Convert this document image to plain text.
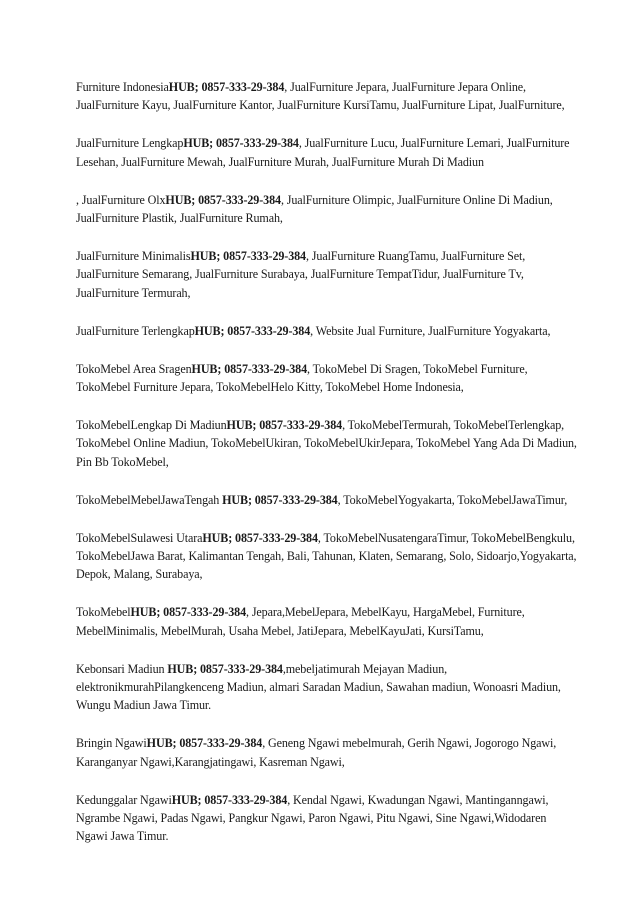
Furniture IndonesiaHUB; 0857-333-29-384, JualFurniture Jepara, JualFurniture Jepara Online, JualFurniture Kayu, JualFurniture Kantor, JualFurniture KursiTamu, JualFurniture Lipat, JualFurniture,

JualFurniture LengkapHUB; 0857-333-29-384, JualFurniture Lucu, JualFurniture Lemari, JualFurniture Lesehan, JualFurniture Mewah, JualFurniture Murah, JualFurniture Murah Di Madiun

, JualFurniture OlxHUB; 0857-333-29-384, JualFurniture Olimpic, JualFurniture Online Di Madiun, JualFurniture Plastik, JualFurniture Rumah,

JualFurniture MinimalisHUB; 0857-333-29-384, JualFurniture RuangTamu, JualFurniture Set, JualFurniture Semarang, JualFurniture Surabaya, JualFurniture TempatTidur, JualFurniture Tv, JualFurniture Termurah,

JualFurniture TerlengkapHUB; 0857-333-29-384, Website Jual Furniture, JualFurniture Yogyakarta,

TokoMebel Area SragenHUB; 0857-333-29-384, TokoMebel Di Sragen, TokoMebel Furniture, TokoMebel Furniture Jepara, TokoMebelHelo Kitty, TokoMebel Home Indonesia,

TokoMebelLengkap Di MadiunHUB; 0857-333-29-384, TokoMebelTermurah, TokoMebelTerlengkap, TokoMebel Online Madiun, TokoMebelUkiran, TokoMebelUkirJepara, TokoMebel Yang Ada Di Madiun, Pin Bb TokoMebel,

TokoMebelMebelJawaTengah HUB; 0857-333-29-384, TokoMebelYogyakarta, TokoMebelJawaTimur,

TokoMebelSulawesi UtaraHUB; 0857-333-29-384, TokoMebelNusatengaraTimur, TokoMebelBengkulu, TokoMebelJawa Barat, Kalimantan Tengah, Bali, Tahunan, Klaten, Semarang, Solo, Sidoarjo,Yogyakarta, Depok, Malang, Surabaya,

TokoMebelHUB; 0857-333-29-384, Jepara,MebelJepara, MebelKayu, HargaMebel, Furniture, MebelMinimalis, MebelMurah, Usaha Mebel, JatiJepara, MebelKayuJati, KursiTamu,

Kebonsari Madiun HUB; 0857-333-29-384,mebeljatimurah Mejayan Madiun, elektronikmurahPilangkenceng Madiun, almari Saradan Madiun, Sawahan madiun, Wonoasri Madiun, Wungu Madiun Jawa Timur.

Bringin NgawiHUB; 0857-333-29-384, Geneng Ngawi mebelmurah, Gerih Ngawi, Jogorogo Ngawi, Karanganyar Ngawi,Karangjatingawi, Kasreman Ngawi,

Kedunggalar NgawiHUB; 0857-333-29-384, Kendal Ngawi, Kwadungan Ngawi, Mantinganngawi, Ngrambe Ngawi, Padas Ngawi, Pangkur Ngawi, Paron Ngawi, Pitu Ngawi, Sine Ngawi,Widodaren Ngawi Jawa Timur.
